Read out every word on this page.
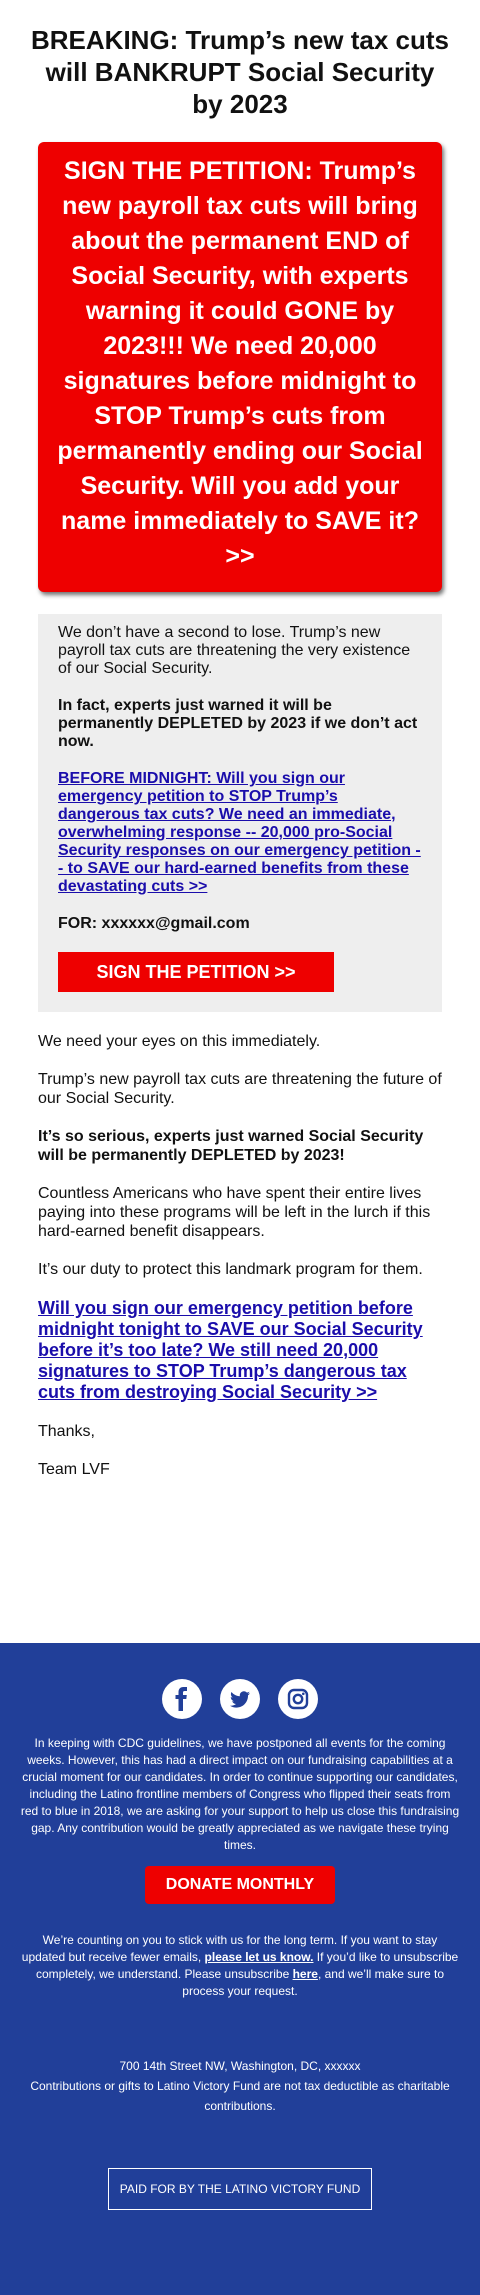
BREAKING: Trump’s new tax cuts will BANKRUPT Social Security by 2023
SIGN THE PETITION: Trump’s new payroll tax cuts will bring about the permanent END of Social Security, with experts warning it could GONE by 2023!!! We need 20,000 signatures before midnight to STOP Trump’s cuts from permanently ending our Social Security. Will you add your name immediately to SAVE it? >>

We don’t have a second to lose. Trump’s new payroll tax cuts are threatening the very existence of our Social Security.

In fact, experts just warned it will be permanently DEPLETED by 2023 if we don’t act now.

BEFORE MIDNIGHT: Will you sign our emergency petition to STOP Trump’s dangerous tax cuts? We need an immediate, overwhelming response -- 20,000 pro-Social Security responses on our emergency petition -- to SAVE our hard-earned benefits from these devastating cuts >>

FOR: xxxxxx@gmail.com
SIGN THE PETITION >>

We need your eyes on this immediately.

Trump’s new payroll tax cuts are threatening the future of our Social Security.

It’s so serious, experts just warned Social Security will be permanently DEPLETED by 2023!

Countless Americans who have spent their entire lives paying into these programs will be left in the lurch if this hard-earned benefit disappears.

It’s our duty to protect this landmark program for them.

Will you sign our emergency petition before midnight tonight to SAVE our Social Security before it’s too late? We still need 20,000 signatures to STOP Trump’s dangerous tax cuts from destroying Social Security >>

Thanks,

Team LVF

In keeping with CDC guidelines, we have postponed all events for the coming weeks. However, this has had a direct impact on our fundraising capabilities at a crucial moment for our candidates. In order to continue supporting our candidates, including the Latino frontline members of Congress who flipped their seats from red to blue in 2018, we are asking for your support to help us close this fundraising gap. Any contribution would be greatly appreciated as we navigate these trying times.
DONATE MONTHLY
We’re counting on you to stick with us for the long term. If you want to stay updated but receive fewer emails, please let us know. If you’d like to unsubscribe completely, we understand. Please unsubscribe here, and we’ll make sure to process your request.
700 14th Street NW, Washington, DC, xxxxxx
Contributions or gifts to Latino Victory Fund are not tax deductible as charitable contributions.
PAID FOR BY THE LATINO VICTORY FUND
